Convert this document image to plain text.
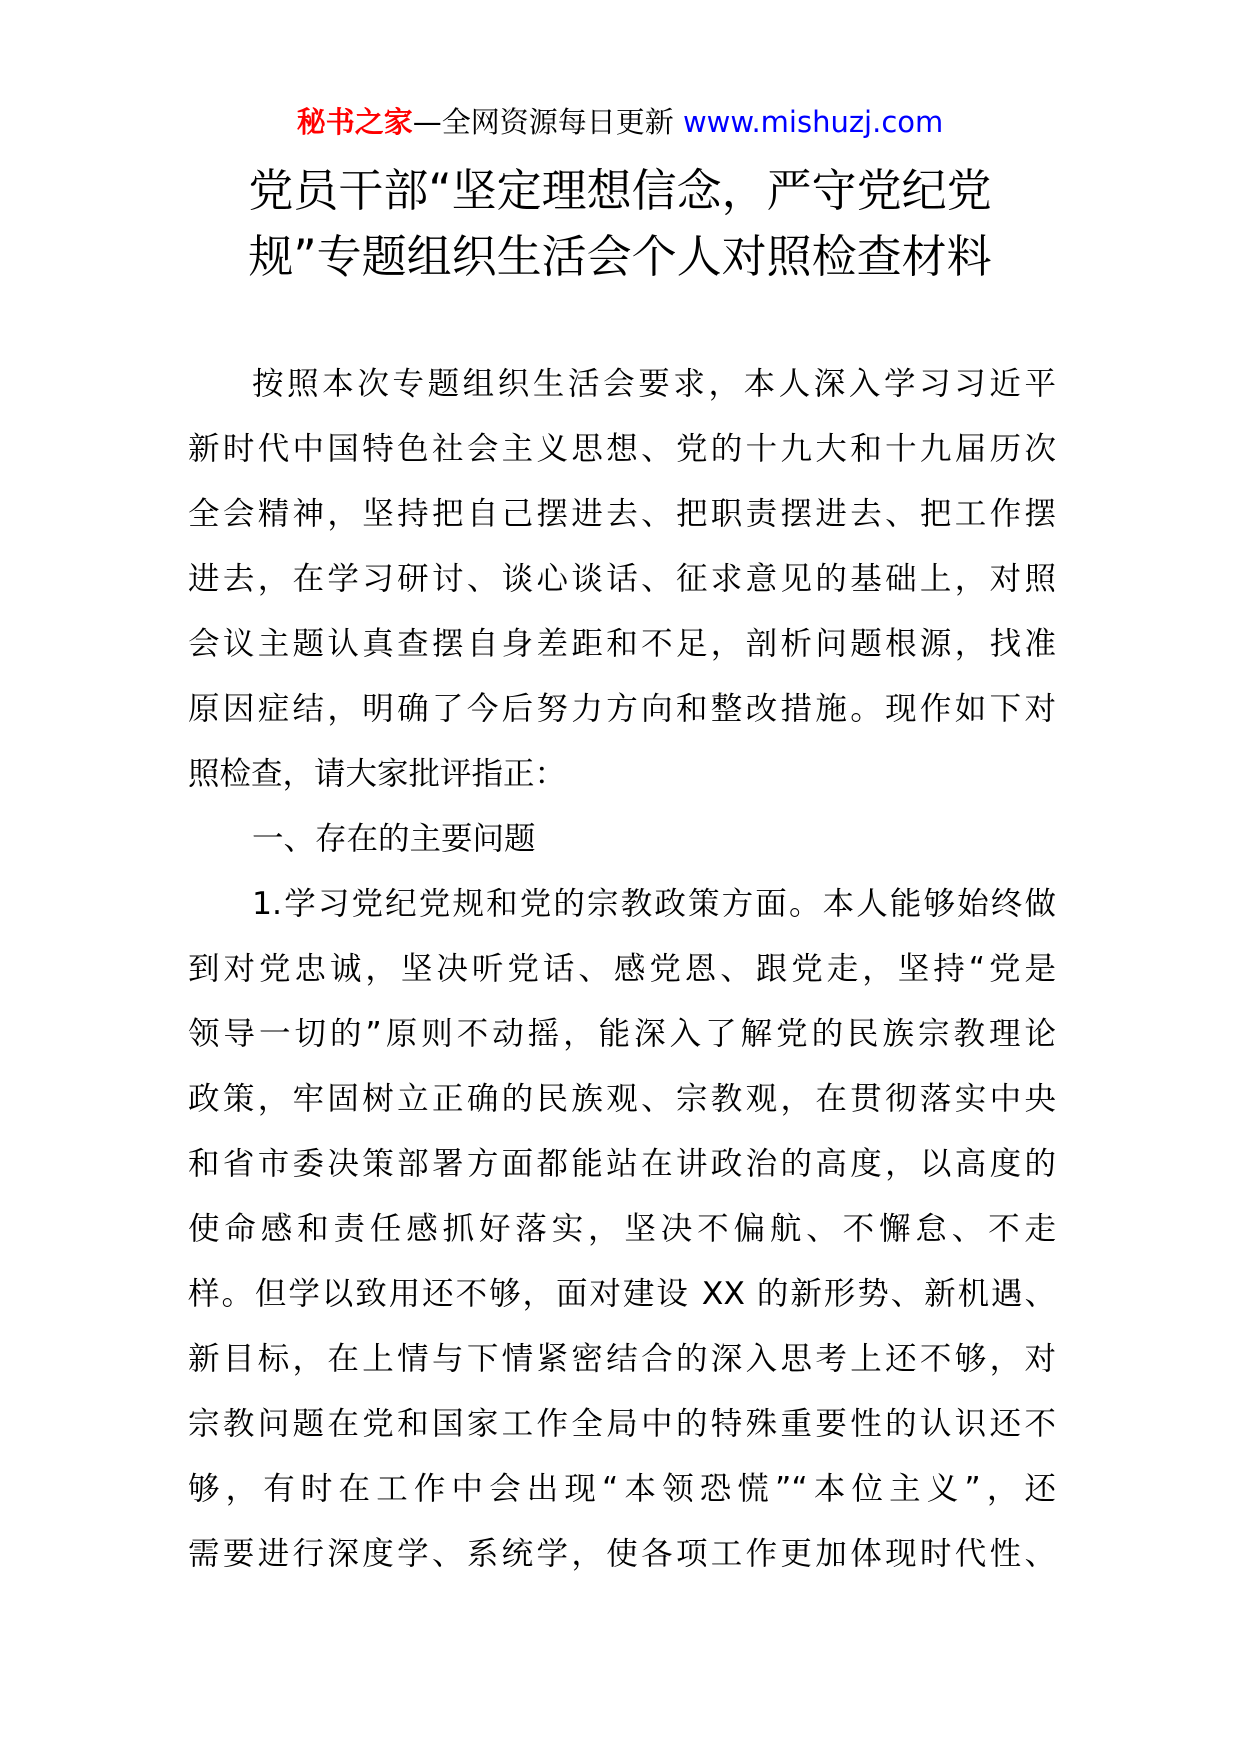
秘书之家—全网资源每日更新 www.mishuzj.com
党员干部“坚定理想信念，严守党纪党
规”专题组织生活会个人对照检查材料
按照本次专题组织生活会要求，本人深入学习习近平
新时代中国特色社会主义思想、党的十九大和十九届历次
全会精神，坚持把自己摆进去、把职责摆进去、把工作摆
进去，在学习研讨、谈心谈话、征求意见的基础上，对照
会议主题认真查摆自身差距和不足，剖析问题根源，找准
原因症结，明确了今后努力方向和整改措施。现作如下对
照检查，请大家批评指正：
一、存在的主要问题
1.学习党纪党规和党的宗教政策方面。本人能够始终做
到对党忠诚，坚决听党话、感党恩、跟党走，坚持“党是
领导一切的”原则不动摇，能深入了解党的民族宗教理论
政策，牢固树立正确的民族观、宗教观，在贯彻落实中央
和省市委决策部署方面都能站在讲政治的高度，以高度的
使命感和责任感抓好落实，坚决不偏航、不懈怠、不走
样。但学以致用还不够，面对建设 XX 的新形势、新机遇、
新目标，在上情与下情紧密结合的深入思考上还不够，对
宗教问题在党和国家工作全局中的特殊重要性的认识还不
够，有时在工作中会出现“本领恐慌”“本位主义”，还
需要进行深度学、系统学，使各项工作更加体现时代性、
